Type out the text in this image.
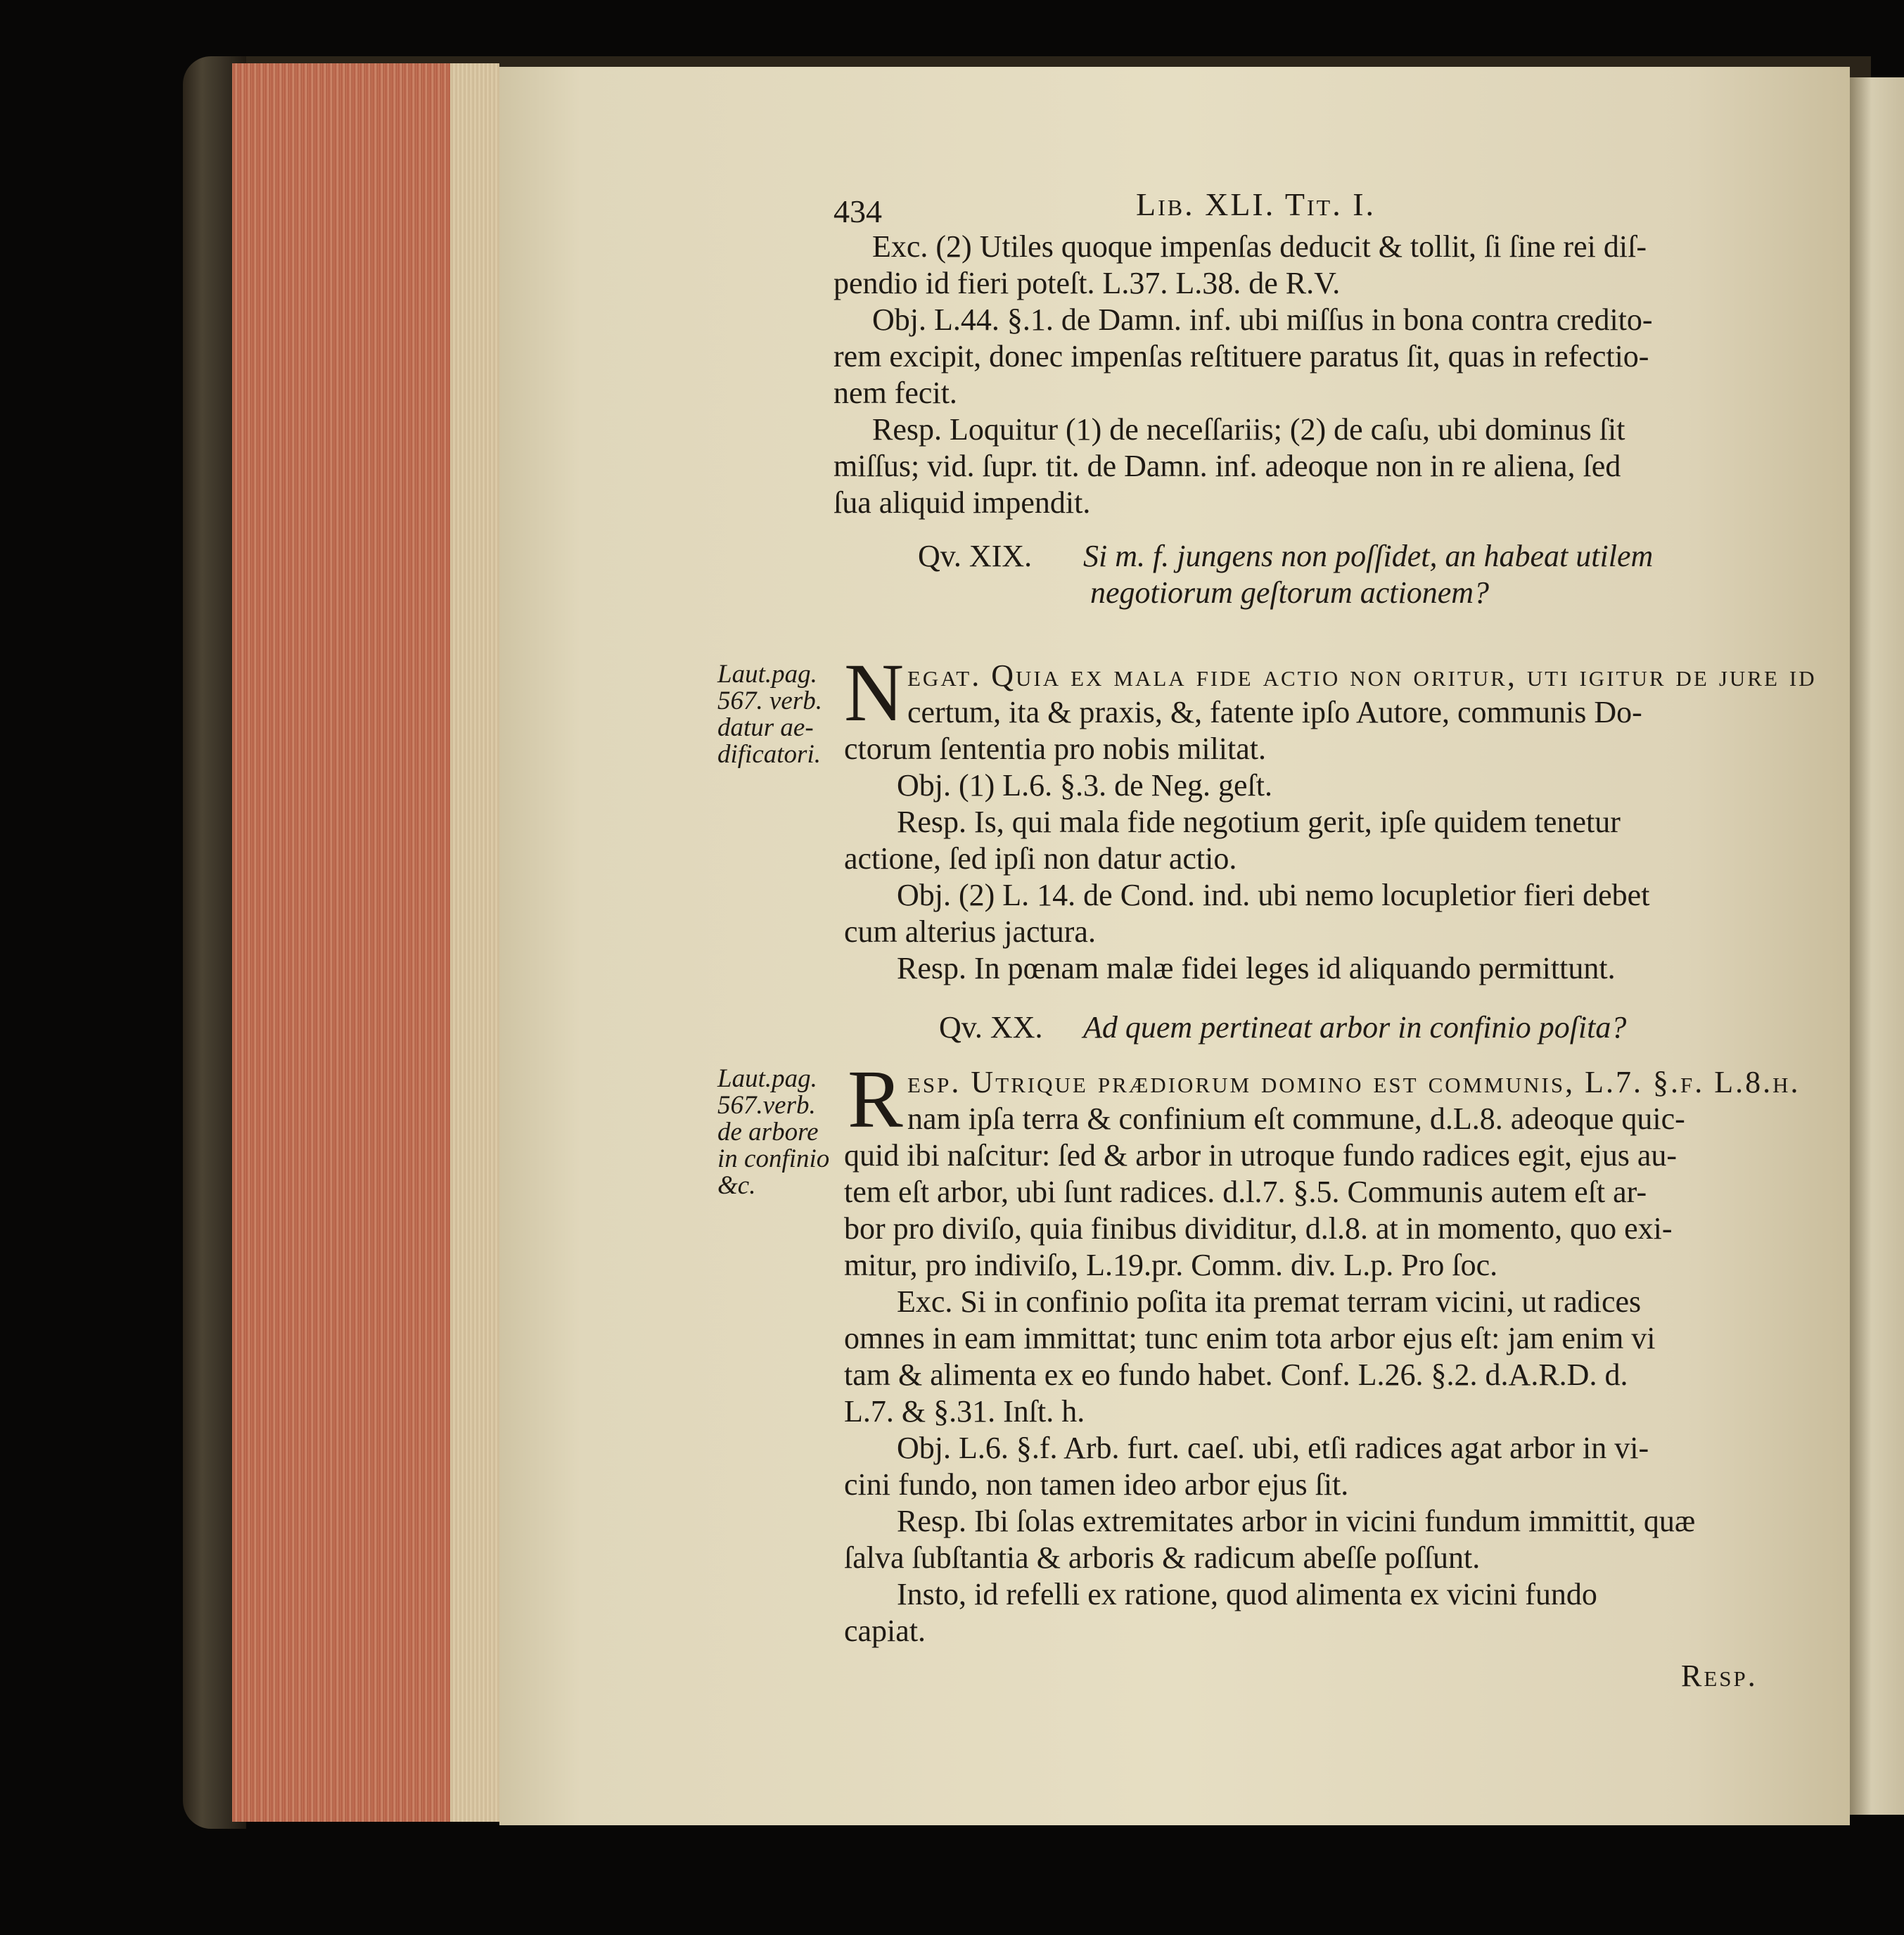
434	Lib. XLI. Tit. I.
Exc. (2) Utiles quoque impenſas deducit & tollit, ſi ſine rei diſ-
pendio id fieri poteſt. L.37. L.38. de R.V.
Obj. L.44. §.1. de Damn. inf. ubi miſſus in bona contra credito-
rem excipit, donec impenſas reſtituere paratus ſit, quas in refectio-
nem fecit.
Resp. Loquitur (1) de neceſſariis; (2) de caſu, ubi dominus ſit
miſſus; vid. ſupr. tit. de Damn. inf. adeoque non in re aliena, ſed
ſua aliquid impendit.
Qv. XIX. Si m. f. jungens non poſſidet, an habeat utilem
negotiorum geſtorum actionem?
Laut.pag.
567. verb.
datur ae-
dificatori.
N egat. Quia ex mala fide actio non oritur, uti igitur de jure id
certum, ita & praxis, &, fatente ipſo Autore, communis Do-
ctorum ſententia pro nobis militat.
Obj. (1) L.6. §.3. de Neg. geſt.
Resp. Is, qui mala fide negotium gerit, ipſe quidem tenetur
actione, ſed ipſi non datur actio.
Obj. (2) L. 14. de Cond. ind. ubi nemo locupletior fieri debet
cum alterius jactura.
Resp. In pœnam malæ fidei leges id aliquando permittunt.
Qv. XX. Ad quem pertineat arbor in confinio poſita?
Laut.pag.
567.verb.
de arbore
in confinio
&c.
R esp. Utrique prædiorum domino eſt communis, L.7. §.f. L.8.h.
nam ipſa terra & confinium eſt commune, d.L.8. adeoque quic-
quid ibi naſcitur: ſed & arbor in utroque fundo radices egit, ejus au-
tem eſt arbor, ubi ſunt radices. d.l.7. §.5. Communis autem eſt ar-
bor pro diviſo, quia finibus dividitur, d.l.8. at in momento, quo exi-
mitur, pro indiviſo, L.19.pr. Comm. div. L.p. Pro ſoc.
Exc. Si in confinio poſita ita premat terram vicini, ut radices
omnes in eam immittat; tunc enim tota arbor ejus eſt: jam enim vi
tam & alimenta ex eo fundo habet. Conf. L.26. §.2. d.A.R.D. d.
L.7. & §.31. Inſt. h.
Obj. L.6. §.f. Arb. furt. caeſ. ubi, etſi radices agat arbor in vi-
cini fundo, non tamen ideo arbor ejus ſit.
Resp. Ibi ſolas extremitates arbor in vicini fundum immittit, quæ
ſalva ſubſtantia & arboris & radicum abeſſe poſſunt.
Insto, id refelli ex ratione, quod alimenta ex vicini fundo
capiat.
Resp.
